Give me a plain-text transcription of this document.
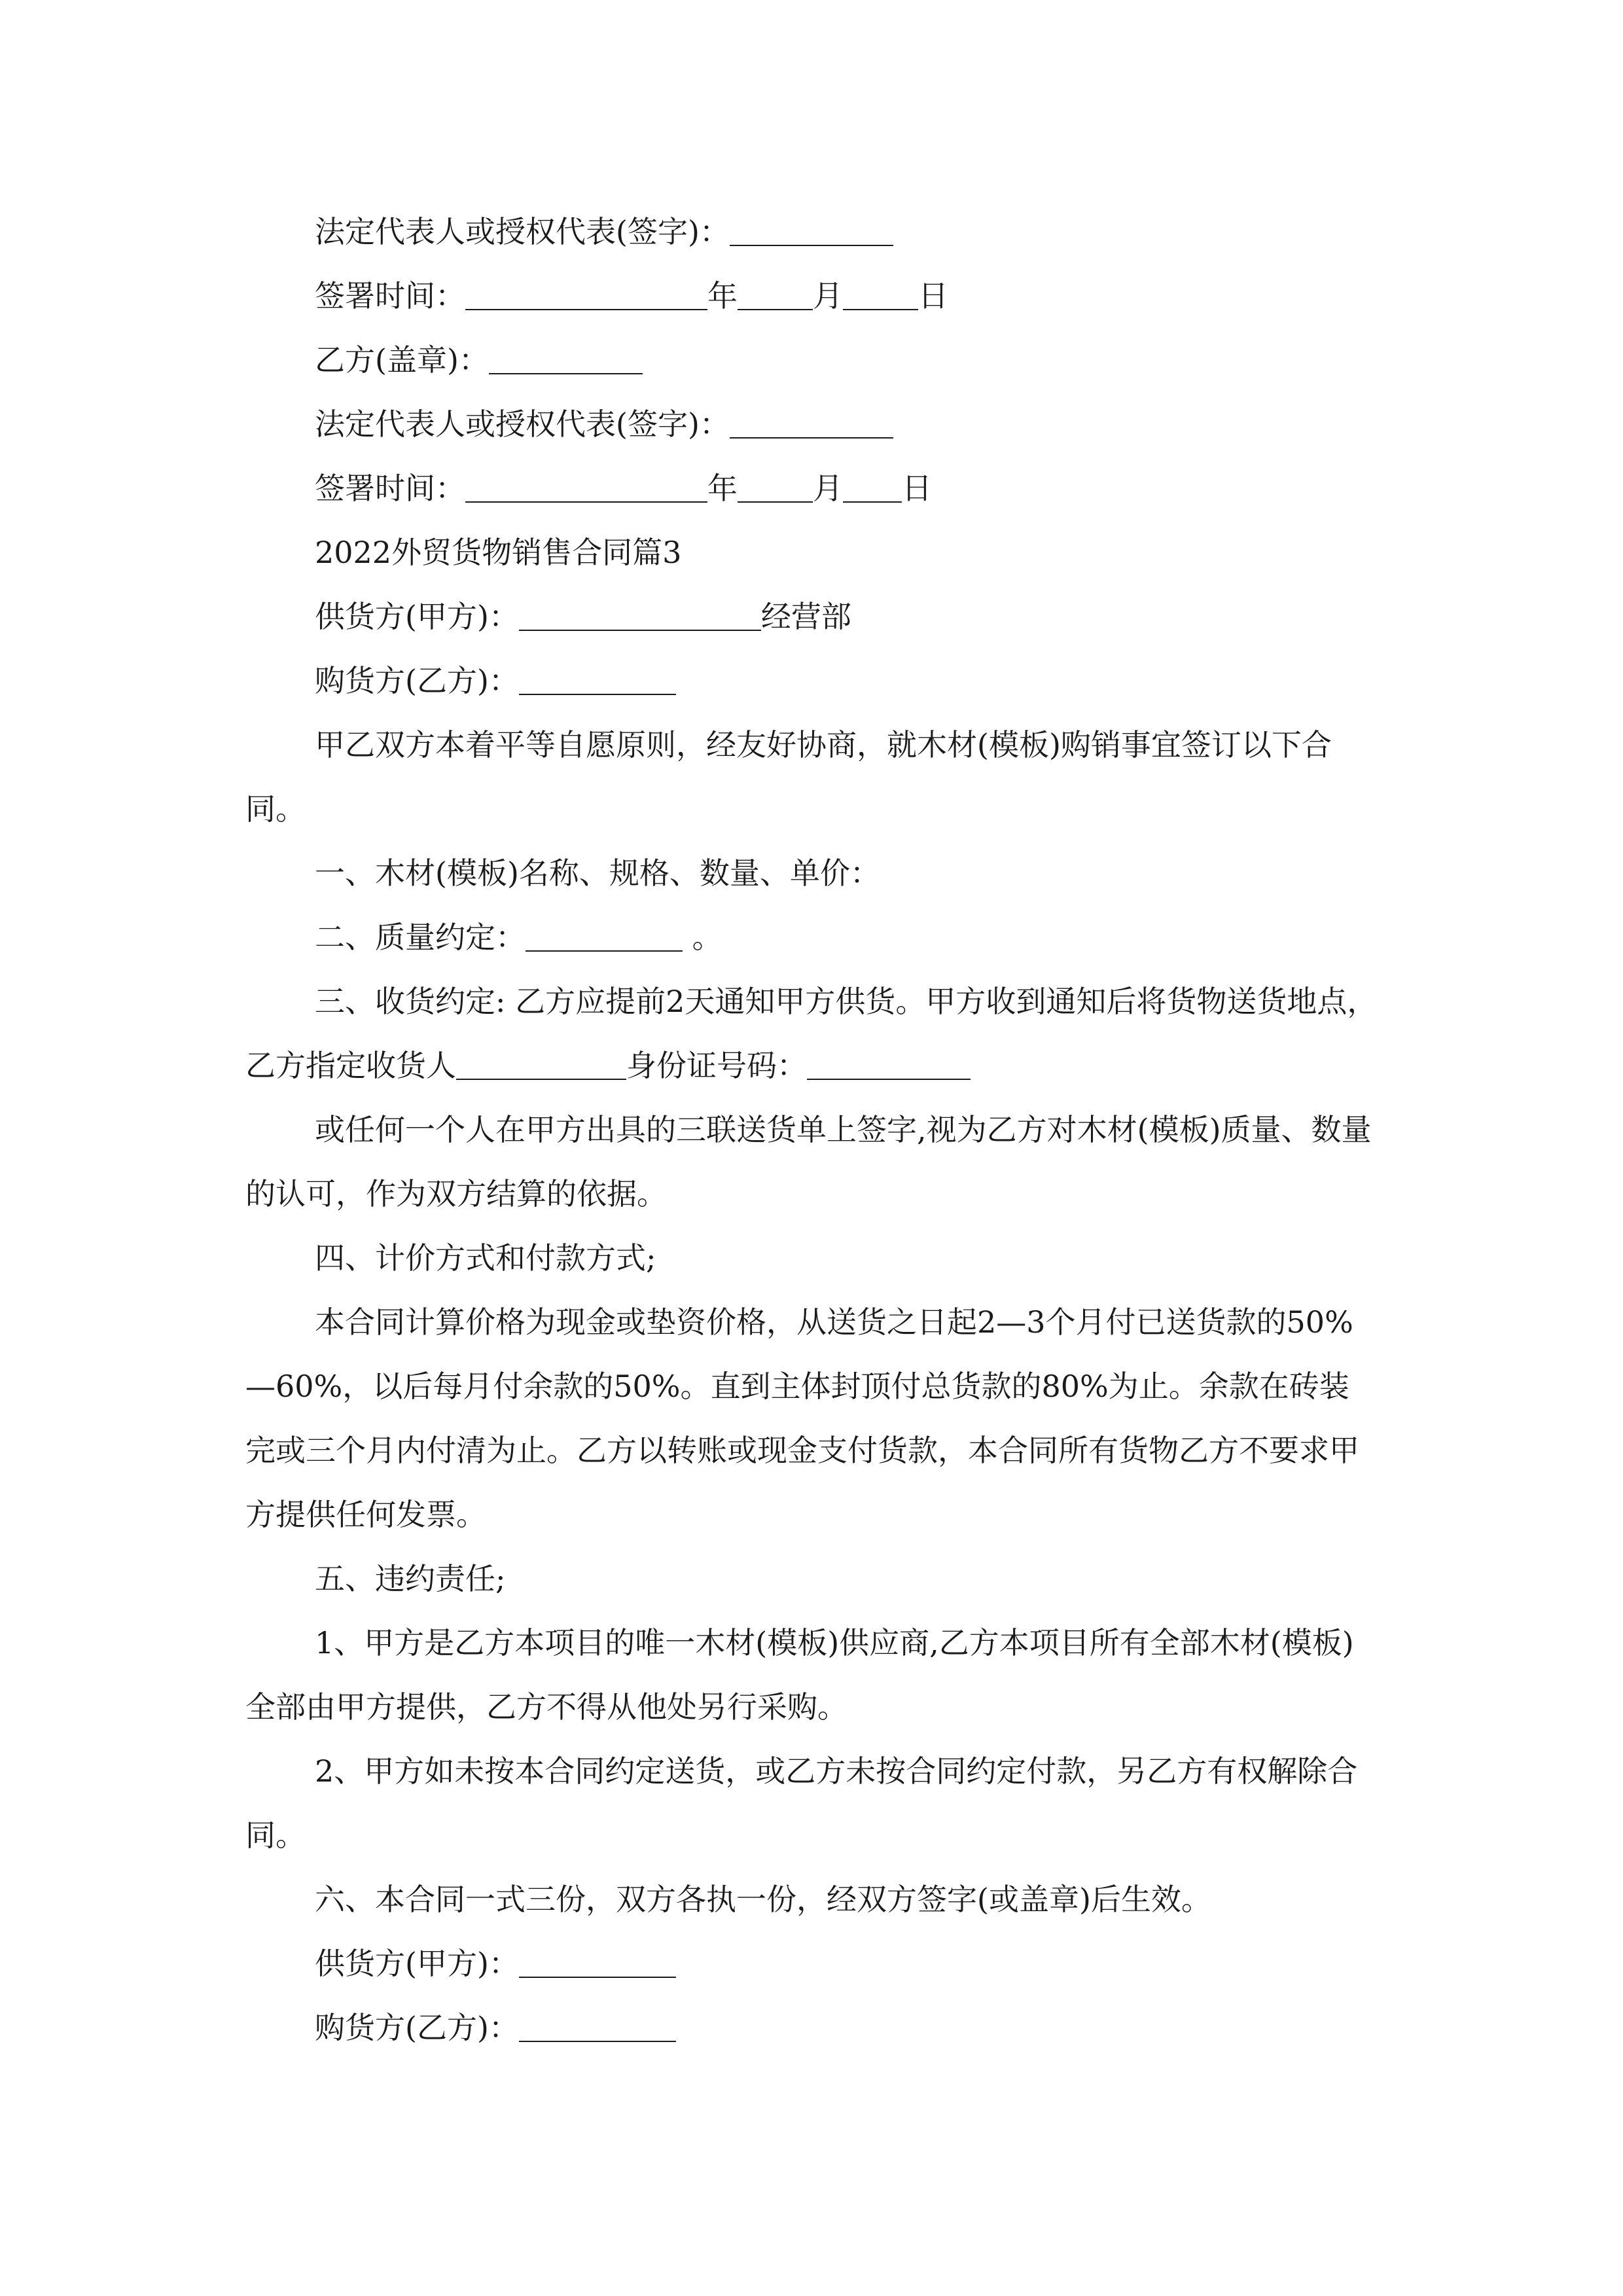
法定代表人或授权代表(签字)：

签署时间：	年	月	日

乙方(盖章)：

法定代表人或授权代表(签字)：

签署时间：	年	月 日

2022外贸货物销售合同篇3

供货方(甲方)：	经营部

购货方(乙方)：

甲乙双方本着平等自愿原则，经友好协商，就木材(模板)购销事宜签订以下合同。

一、木材(模板)名称、规格、数量、单价：

二、质量约定：	。

三、收货约定: 乙方应提前2天通知甲方供货。甲方收到通知后将货物送货地点，乙方指定收货人	身份证号码：

或任何一个人在甲方出具的三联送货单上签字,视为乙方对木材(模板)质量、数量的认可，作为双方结算的依据。

四、计价方式和付款方式;

本合同计算价格为现金或垫资价格，从送货之日起2—3个月付已送货款的50%—60%，以后每月付余款的50%。直到主体封顶付总货款的80%为止。余款在砖装完或三个月内付清为止。乙方以转账或现金支付货款，本合同所有货物乙方不要求甲方提供任何发票。

五、违约责任;

1、甲方是乙方本项目的唯一木材(模板)供应商,乙方本项目所有全部木材(模板)全部由甲方提供，乙方不得从他处另行采购。

2、甲方如未按本合同约定送货，或乙方未按合同约定付款，另乙方有权解除合同。

六、本合同一式三份，双方各执一份，经双方签字(或盖章)后生效。

供货方(甲方)：

购货方(乙方)：
